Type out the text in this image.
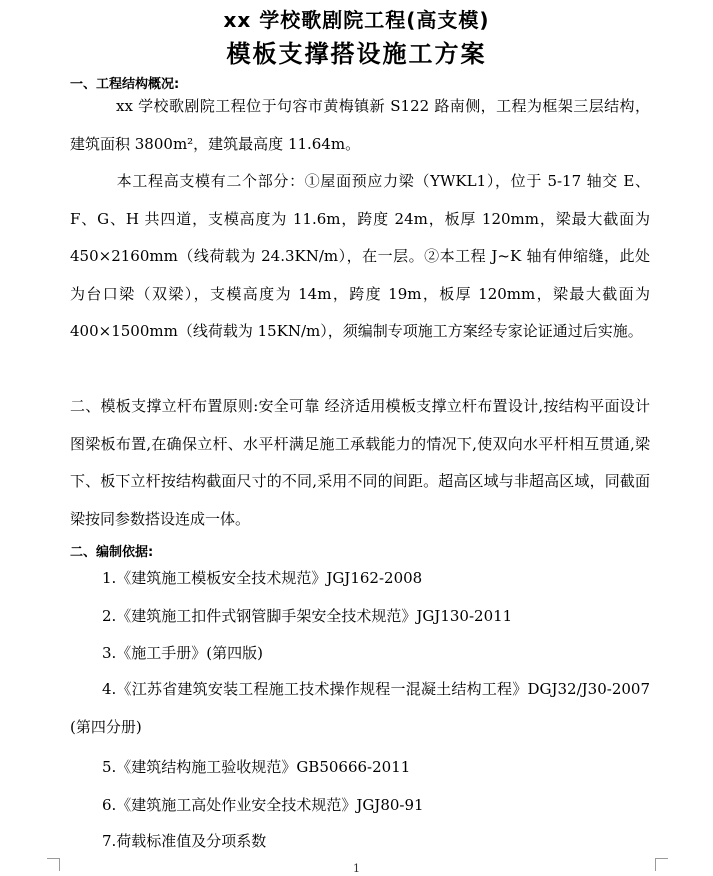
xx 学校歌剧院工程(高支模)
模板支撑搭设施工方案
一、工程结构概况:
xx 学校歌剧院工程位于句容市黄梅镇新 S122 路南侧，工程为框架三层结构，建筑面积 3800m²，建筑最高度 11.64m。
本工程高支模有二个部分：①屋面预应力梁（YWKL1），位于 5-17 轴交 E、F、G、H 共四道，支模高度为 11.6m，跨度 24m，板厚 120mm，梁最大截面为 450×2160mm（线荷载为 24.3KN/m），在一层。②本工程 J~K 轴有伸缩缝，此处为台口梁（双梁），支模高度为 14m，跨度 19m，板厚 120mm，梁最大截面为 400×1500mm（线荷载为 15KN/m），须编制专项施工方案经专家论证通过后实施。
二、模板支撑立杆布置原则:安全可靠 经济适用模板支撑立杆布置设计,按结构平面设计图梁板布置,在确保立杆、水平杆满足施工承载能力的情况下,使双向水平杆相互贯通,梁下、板下立杆按结构截面尺寸的不同,采用不同的间距。超高区域与非超高区域，同截面梁按同参数搭设连成一体。
二、编制依据:
1.《建筑施工模板安全技术规范》JGJ162-2008
2.《建筑施工扣件式钢管脚手架安全技术规范》JGJ130-2011
3.《施工手册》(第四版)
4.《江苏省建筑安装工程施工技术操作规程一混凝土结构工程》DGJ32/J30-2007 (第四分册)
5.《建筑结构施工验收规范》GB50666-2011
6.《建筑施工高处作业安全技术规范》JGJ80-91
7.荷载标准值及分项系数
1
